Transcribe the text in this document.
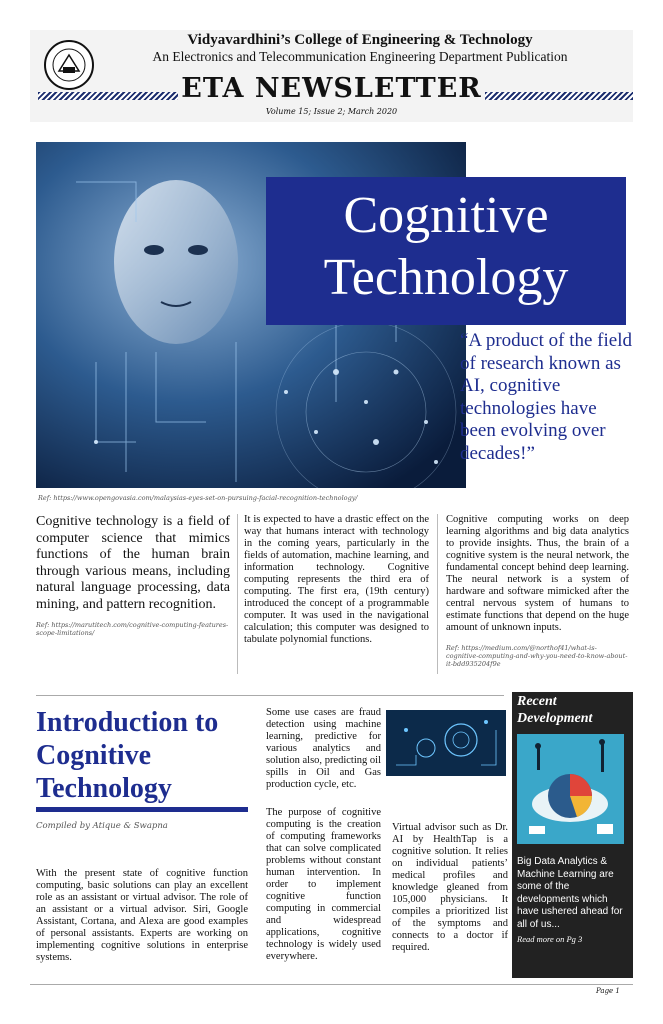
Vidyavardhini’s College of Engineering & Technology
An Electronics and Telecommunication Engineering Department Publication
ETA NEWSLETTER
Volume 15; Issue 2; March 2020
Cognitive
Technology
“A product of the field of research known as AI, cognitive technologies have been evolving over decades!”
Ref: https://www.opengovasia.com/malaysias-eyes-set-on-pursuing-facial-recognition-technology/
Cognitive technology is a field of computer science that mimics functions of the human brain through various means, including natural language processing, data mining, and pattern recognition.
Ref: https://marutitech.com/cognitive-computing-features-scope-limitations/
It is expected to have a drastic effect on the way that humans interact with technology in the coming years, particularly in the fields of automation, machine learning, and information technology. Cognitive computing represents the third era of computing. The first era, (19th century) introduced the concept of a programmable computer. It was used in the navigational calculation; this computer was designed to tabulate polynomial functions.
Cognitive computing works on deep learning algorithms and big data analytics to provide insights. Thus, the brain of a cognitive system is the neural network, the fundamental concept behind deep learning. The neural network is a system of hardware and software mimicked after the central nervous system of humans to estimate functions that depend on the huge amount of unknown inputs.
Ref: https://medium.com/@northof41/what-is-cognitive-computing-and-why-you-need-to-know-about-it-bdd935204f9e
Introduction to Cognitive Technology
Compiled by Atique & Swapna
With the present state of cognitive function computing, basic solutions can play an excellent role as an assistant or virtual advisor. The role of an assistant or a virtual advisor. Siri, Google Assistant, Cortana, and Alexa are good examples of personal assistants. Experts are working on implementing cognitive solutions in enterprise systems.
Some use cases are fraud detection using machine learning, predictive for various analytics and solution also, predicting oil spills in Oil and Gas production cycle, etc.
The purpose of cognitive computing is the creation of computing frameworks that can solve complicated problems without constant human intervention. In order to implement cognitive function computing in commercial and widespread applications, cognitive technology is widely used everywhere.
Virtual advisor such as Dr. AI by HealthTap is a cognitive solution. It relies on individual patients’ medical profiles and knowledge gleaned from 105,000 physicians. It compiles a prioritized list of the symptoms and connects to a doctor if required.
Recent Development
Big Data Analytics & Machine Learning are some of the developments which have ushered ahead for all of us...
Read more on Pg 3
Page 1
